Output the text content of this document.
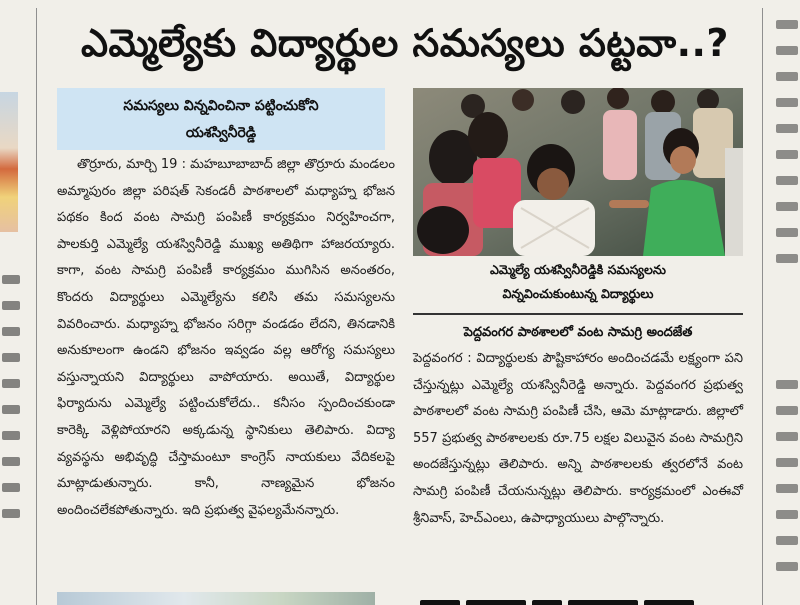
ఎమ్మెల్యేకు విద్యార్థుల సమస్యలు పట్టవా..?
సమస్యలు విన్నవించినా పట్టించుకోని
యశస్వినీరెడ్డి
తొర్రూరు, మార్చి 19 : మహబూబాబాద్ జిల్లా తొర్రూరు మండలం అమ్మాపురం జిల్లా పరిషత్ సెకండరీ పాఠశాలలో మధ్యాహ్న భోజన పథకం కింద వంట సామగ్రి పంపిణీ కార్యక్రమం నిర్వహించగా, పాలకుర్తి ఎమ్మెల్యే యశస్వినీరెడ్డి ముఖ్య అతిథిగా హాజరయ్యారు. కాగా, వంట సామగ్రి పంపిణీ కార్యక్రమం ముగిసిన అనంతరం, కొందరు విద్యార్థులు ఎమ్మెల్యేను కలిసి తమ సమస్యలను వివరించారు. మధ్యాహ్న భోజనం సరిగ్గా వండడం లేదని, తినడానికి అనుకూలంగా ఉండని భోజనం ఇవ్వడం వల్ల ఆరోగ్య సమస్యలు వస్తున్నాయని విద్యార్థులు వాపోయారు. అయితే, విద్యార్థుల ఫిర్యాదును ఎమ్మెల్యే పట్టించుకోలేదు.. కనీసం స్పందించకుండా కారెక్కి వెళ్లిపోయారని అక్కడున్న స్థానికులు తెలిపారు. విద్యా వ్యవస్థను అభివృద్ధి చేస్తామంటూ కాంగ్రెస్ నాయకులు వేదికలపై మాట్లాడుతున్నారు. కానీ, నాణ్యమైన భోజనం అందించలేకపోతున్నారు. ఇది ప్రభుత్వ వైఫల్యమేనన్నారు.
ఎమ్మెల్యే యశస్వినీరెడ్డికి సమస్యలను
విన్నవించుకుంటున్న విద్యార్థులు
పెద్దవంగర పాఠశాలలో వంట సామగ్రి అందజేత
పెద్దవంగర : విద్యార్థులకు పౌష్టికాహారం అందించడమే లక్ష్యంగా పని చేస్తున్నట్లు ఎమ్మెల్యే యశస్వినీరెడ్డి అన్నారు. పెద్దవంగర ప్రభుత్వ పాఠశాలలో వంట సామగ్రి పంపిణీ చేసి, ఆమె మాట్లాడారు. జిల్లాలో 557 ప్రభుత్వ పాఠశాలలకు రూ.75 లక్షల విలువైన వంట సామగ్రిని అందజేస్తున్నట్లు తెలిపారు. అన్ని పాఠశాలలకు త్వరలోనే వంట సామగ్రి పంపిణీ చేయనున్నట్లు తెలిపారు. కార్యక్రమంలో ఎంఈవో శ్రీనివాస్, హెచ్ఎంలు, ఉపాధ్యాయులు పాల్గొన్నారు.
